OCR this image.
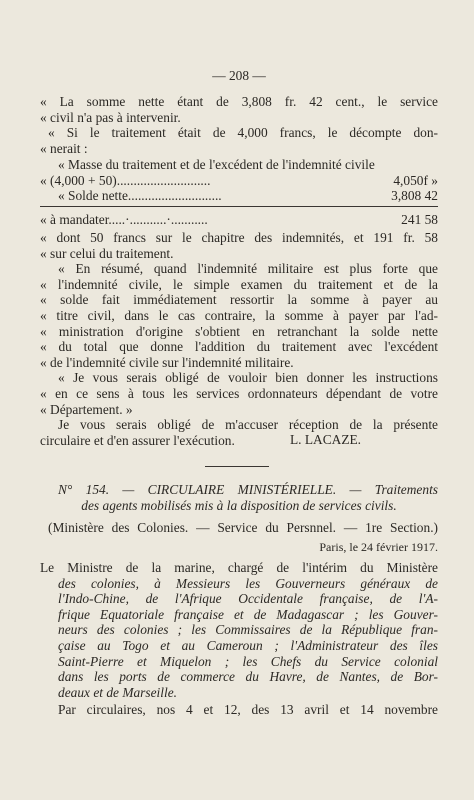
— 208 —
« La somme nette étant de 3,808 fr. 42 cent., le service
« civil n'a pas à intervenir.
« Si le traitement était de 4,000 francs, le décompte don-
« nerait :
« Masse du traitement et de l'excédent de l'indemnité civile
« (4,000 + 50)............................	4,050f »
« Solde nette............................	3,808 42
« à mandater.....·...........·...........	241 58
« dont 50 francs sur le chapitre des indemnités, et 191 fr. 58
« sur celui du traitement.
« En résumé, quand l'indemnité militaire est plus forte que
« l'indemnité civile, le simple examen du traitement et de la
« solde fait immédiatement ressortir la somme à payer au
« titre civil, dans le cas contraire, la somme à payer par l'ad-
« ministration d'origine s'obtient en retranchant la solde nette
« du total que donne l'addition du traitement avec l'excédent
« de l'indemnité civile sur l'indemnité militaire.
« Je vous serais obligé de vouloir bien donner les instructions
« en ce sens à tous les services ordonnateurs dépendant de votre
« Département. »
Je vous serais obligé de m'accuser réception de la présente
circulaire et d'en assurer l'exécution.	L. LACAZE.
N° 154. — CIRCULAIRE MINISTÉRIELLE. — Traitements
des agents mobilisés mis à la disposition de services civils.
(Ministère des Colonies. — Service du Persnnel. — 1re Section.)
Paris, le 24 février 1917.
Le Ministre de la marine, chargé de l'intérim du Ministère
des colonies, à Messieurs les Gouverneurs généraux de
l'Indo-Chine, de l'Afrique Occidentale française, de l'A-
frique Equatoriale française et de Madagascar ; les Gouver-
neurs des colonies ; les Commissaires de la République fran-
çaise au Togo et au Cameroun ; l'Administrateur des îles
Saint-Pierre et Miquelon ; les Chefs du Service colonial
dans les ports de commerce du Havre, de Nantes, de Bor-
deaux et de Marseille.
Par circulaires, nos 4 et 12, des 13 avril et 14 novembre
